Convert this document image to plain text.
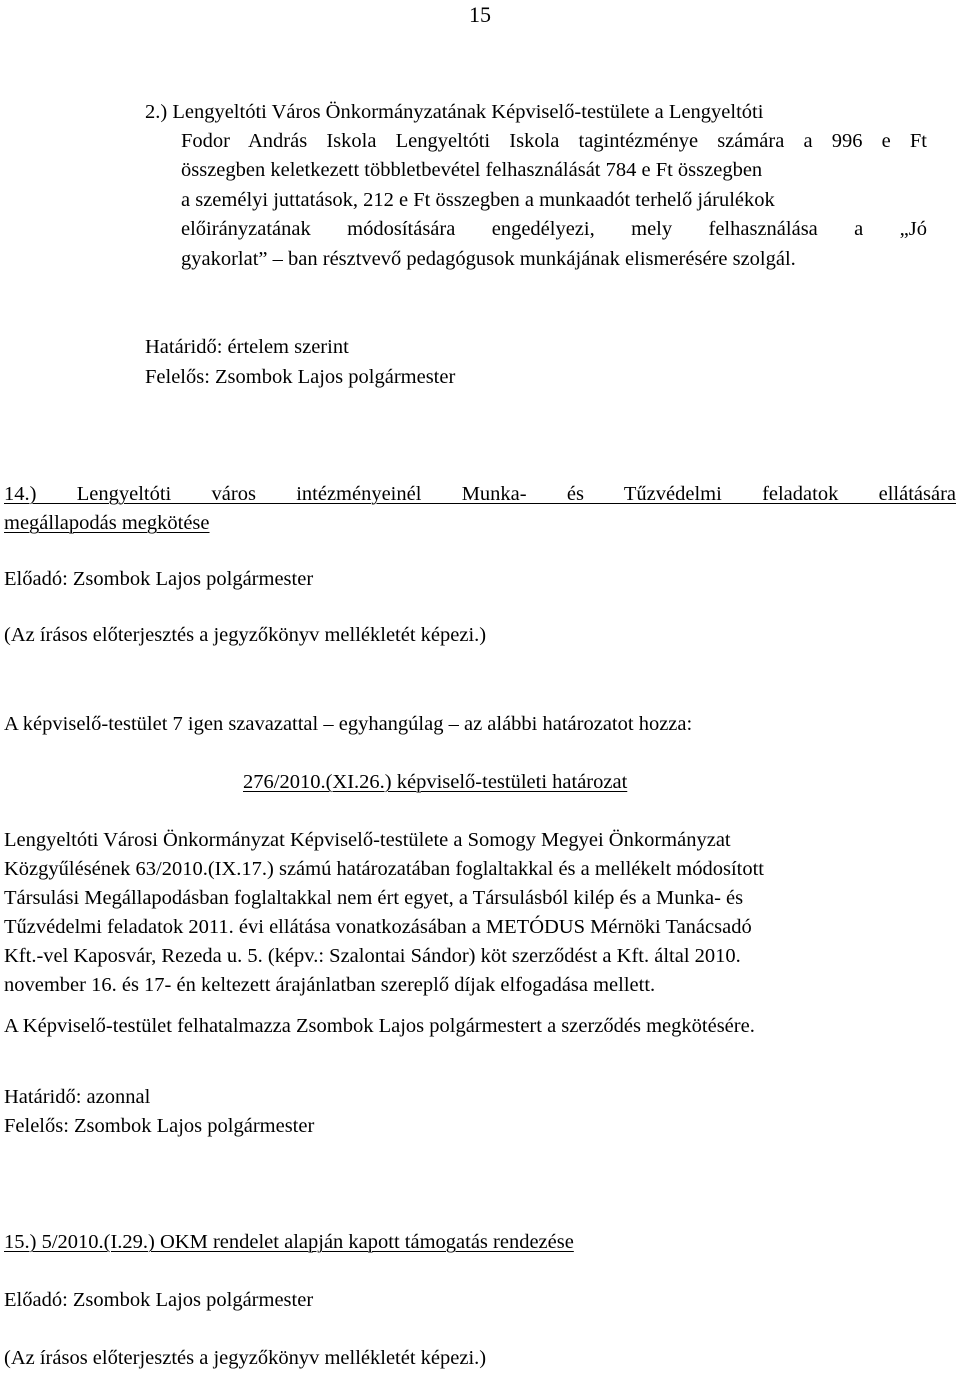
15
2.) Lengyeltóti Város Önkormányzatának Képviselő-testülete a Lengyeltóti
Fodor András Iskola Lengyeltóti Iskola tagintézménye számára a 996 e Ft
összegben keletkezett többletbevétel felhasználását 784 e Ft összegben
a személyi juttatások, 212 e Ft összegben a munkaadót terhelő járulékok
előirányzatának módosítására engedélyezi, mely felhasználása a „Jó
gyakorlat” – ban résztvevő pedagógusok munkájának elismerésére szolgál.
Határidő: értelem szerint
Felelős: Zsombok Lajos polgármester
14.) Lengyeltóti város intézményeinél Munka- és Tűzvédelmi feladatok ellátására
megállapodás megkötése
Előadó: Zsombok Lajos polgármester
(Az írásos előterjesztés a jegyzőkönyv mellékletét képezi.)
A képviselő-testület 7 igen szavazattal – egyhangúlag – az alábbi határozatot hozza:
276/2010.(XI.26.) képviselő-testületi határozat
Lengyeltóti Városi Önkormányzat Képviselő-testülete a Somogy Megyei Önkormányzat
Közgyűlésének 63/2010.(IX.17.) számú határozatában foglaltakkal és a mellékelt módosított
Társulási Megállapodásban foglaltakkal nem ért egyet, a Társulásból kilép és a Munka- és
Tűzvédelmi feladatok 2011. évi ellátása vonatkozásában a METÓDUS Mérnöki Tanácsadó
Kft.-vel Kaposvár, Rezeda u. 5. (képv.: Szalontai Sándor) köt szerződést a Kft. által 2010.
november 16. és 17- én keltezett árajánlatban szereplő díjak elfogadása mellett.
A Képviselő-testület felhatalmazza Zsombok Lajos polgármestert a szerződés megkötésére.
Határidő: azonnal
Felelős: Zsombok Lajos polgármester
15.) 5/2010.(I.29.) OKM rendelet alapján kapott támogatás rendezése
Előadó: Zsombok Lajos polgármester
(Az írásos előterjesztés a jegyzőkönyv mellékletét képezi.)
